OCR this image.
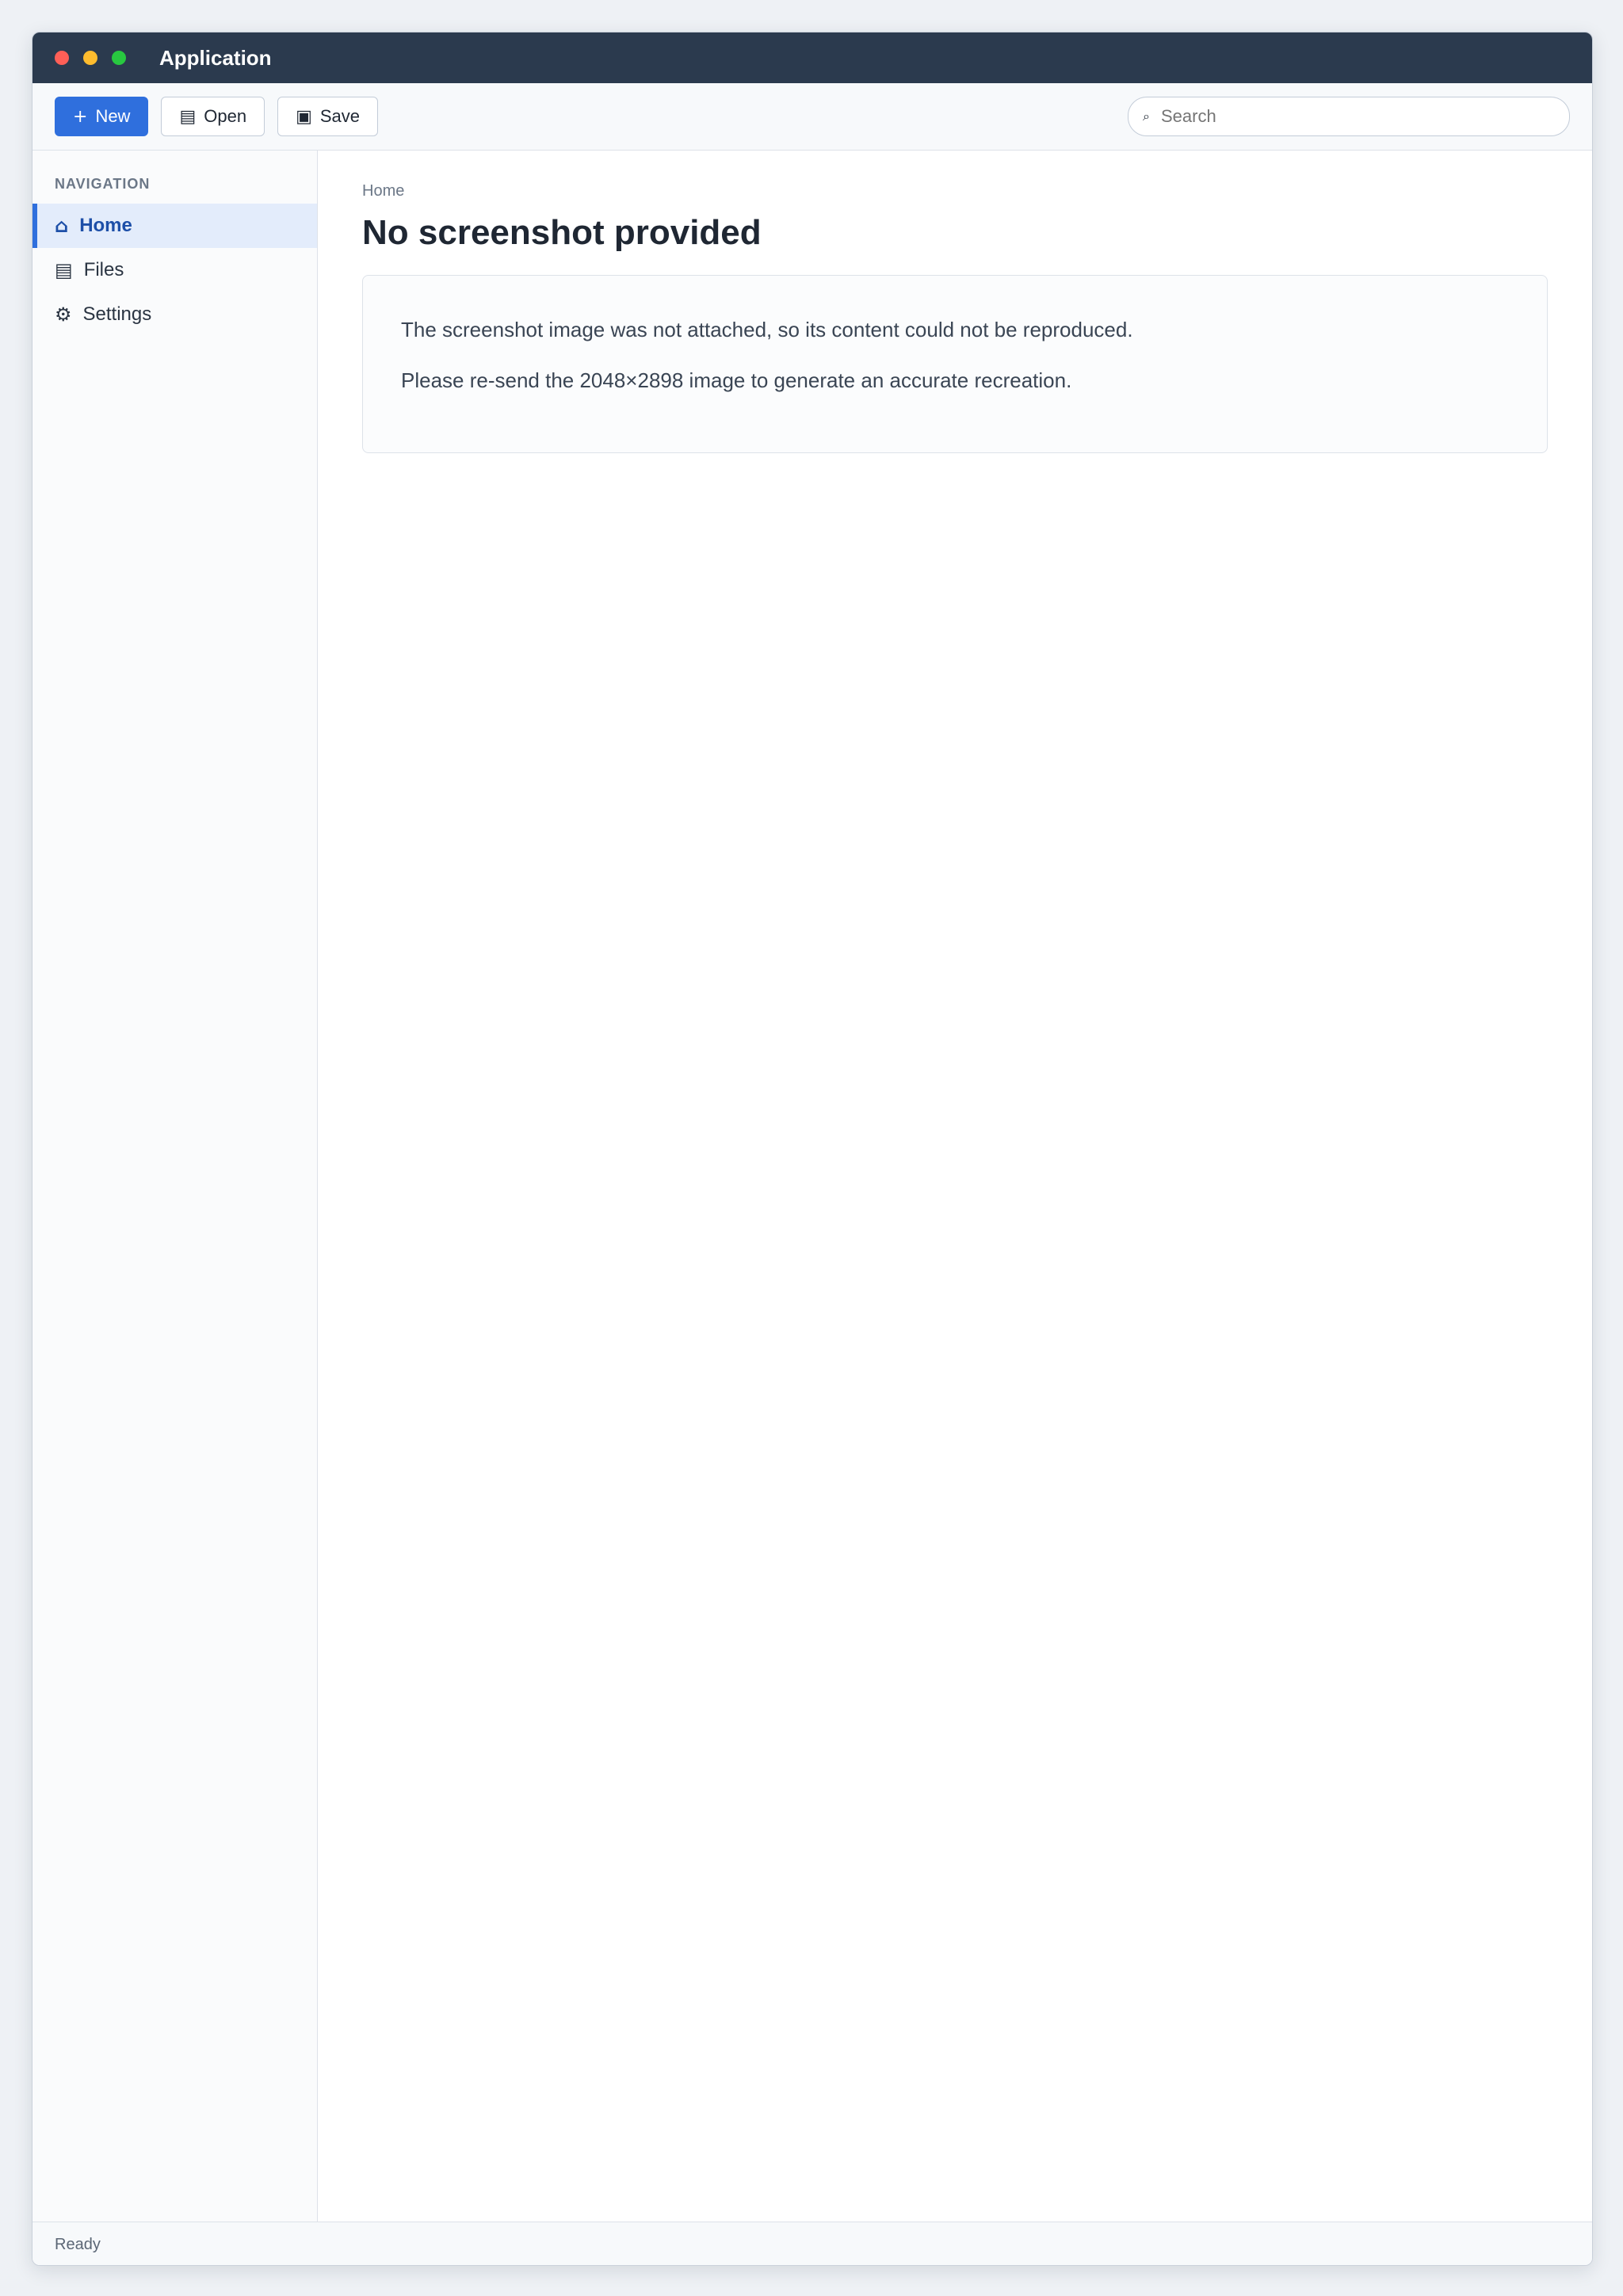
Application
+ New	▤ Open	▣ Save	⌕
Search
NAVIGATION
⌂ Home
▤ Files
⚙ Settings
Home
No screenshot provided

The screenshot image was not attached, so its content could not be reproduced.

Please re-send the 2048×2898 image to generate an accurate recreation.

Ready
